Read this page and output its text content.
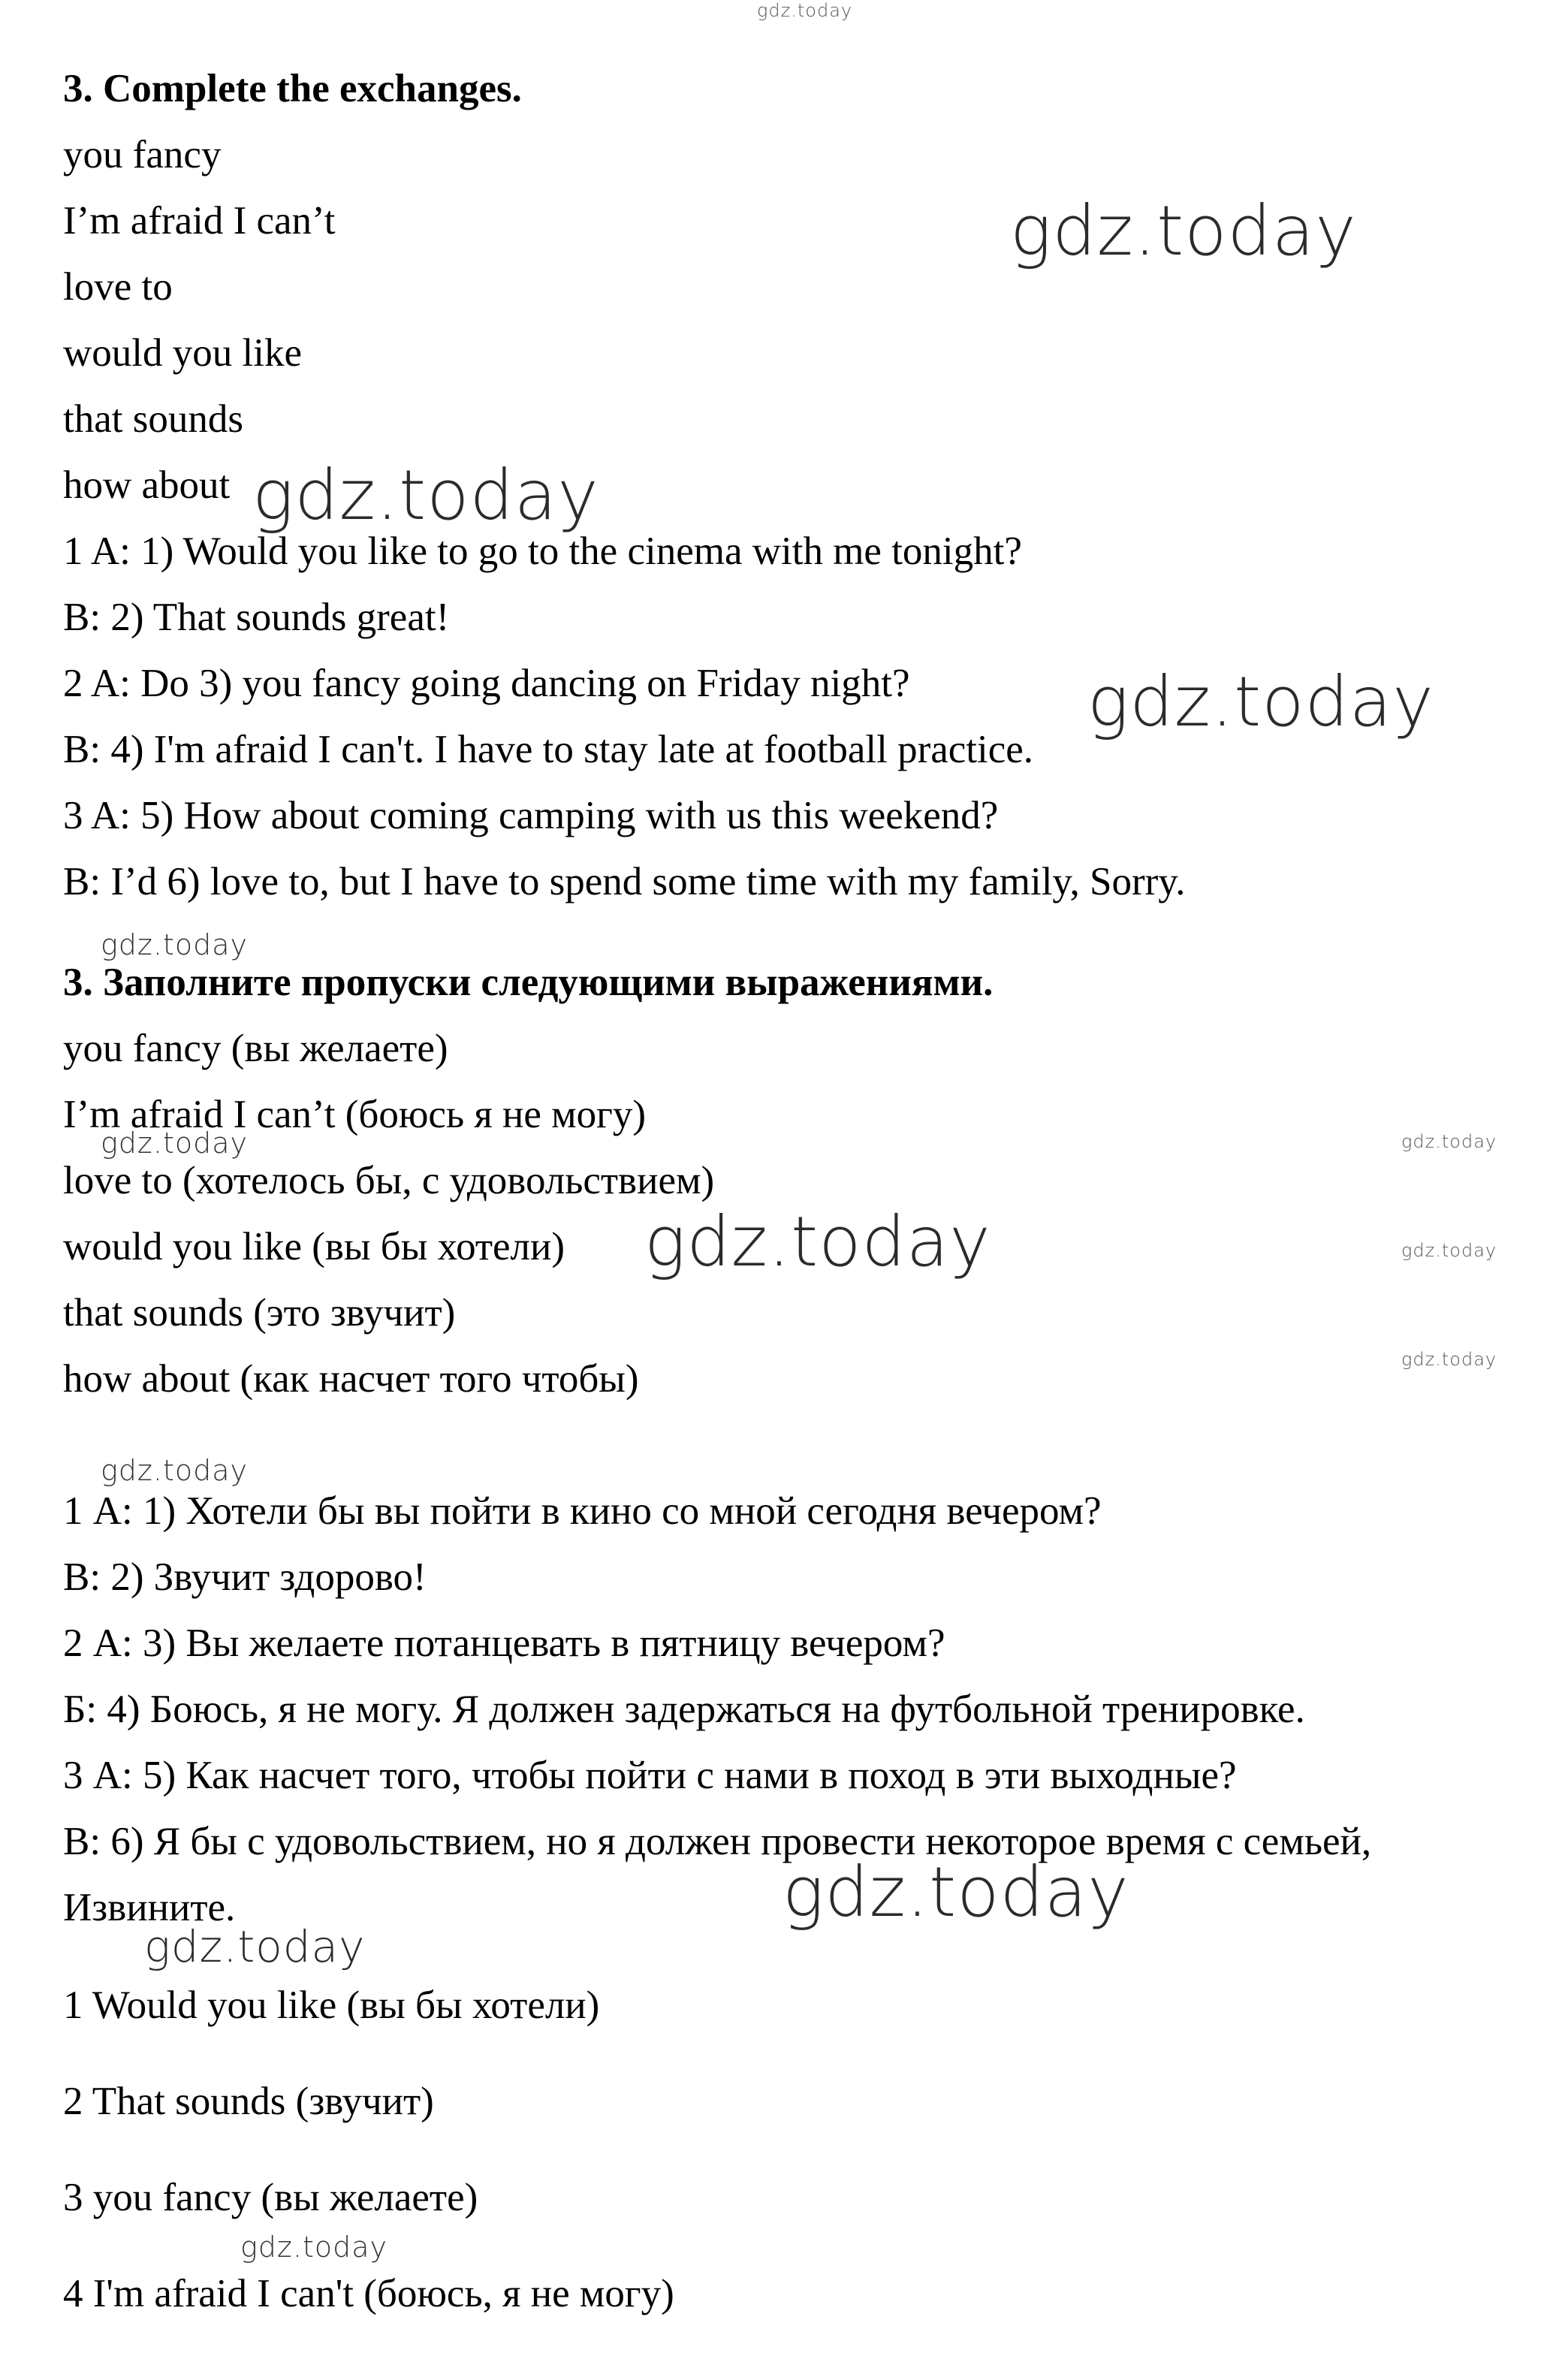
3. Complete the exchanges.
you fancy
I’m afraid I can’t
love to
would you like
that sounds
how about
1 A: 1) Would you like to go to the cinema with me tonight?
B: 2) That sounds great!
2 A: Do 3) you fancy going dancing on Friday night?
B: 4) I'm afraid I can't. I have to stay late at football practice.
3 A: 5) How about coming camping with us this weekend?
B: I’d 6) love to, but I have to spend some time with my family, Sorry.
3. Заполните пропуски следующими выражениями.
you fancy (вы желаете)
I’m afraid I can’t (боюсь я не могу)
love to (хотелось бы, с удовольствием)
would you like (вы бы хотели)
that sounds (это звучит)
how about (как насчет того чтобы)
1 А: 1) Хотели бы вы пойти в кино со мной сегодня вечером?
В: 2) Звучит здорово!
2 А: 3) Вы желаете потанцевать в пятницу вечером?
Б: 4) Боюсь, я не могу. Я должен задержаться на футбольной тренировке.
3 А: 5) Как насчет того, чтобы пойти с нами в поход в эти выходные?
В: 6) Я бы с удовольствием, но я должен провести некоторое время с семьей,
Извините.
1 Would you like (вы бы хотели)
2 That sounds (звучит)
3 you fancy (вы желаете)
4 I'm afraid I can't (боюсь, я не могу)
gdz.today
gdz.today
gdz.today
gdz.today
gdz.today
gdz.today	gdz.today
gdz.today	gdz.today
gdz.today
gdz.today
gdz.today
gdz.today
gdz.today
